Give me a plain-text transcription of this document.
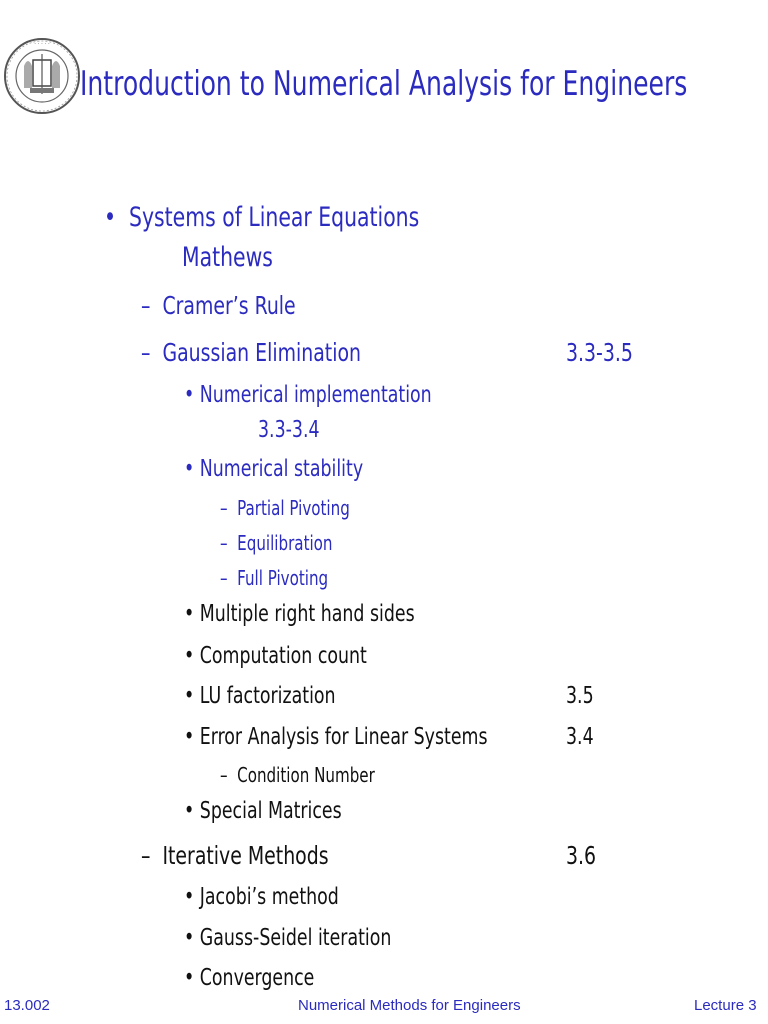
· · · · ·
Introduction to Numerical Analysis for Engineers
• Systems of Linear Equations
Mathews
– Cramer’s Rule
– Gaussian Elimination	3.3-3.5
• Numerical implementation
3.3-3.4
• Numerical stability
– Partial Pivoting
– Equilibration
– Full Pivoting
• Multiple right hand sides
• Computation count
• LU factorization	3.5
• Error Analysis for Linear Systems	3.4
– Condition Number
• Special Matrices
– Iterative Methods	3.6
• Jacobi’s method
• Gauss-Seidel iteration
• Convergence
13.002	Numerical Methods for Engineers	Lecture 3
